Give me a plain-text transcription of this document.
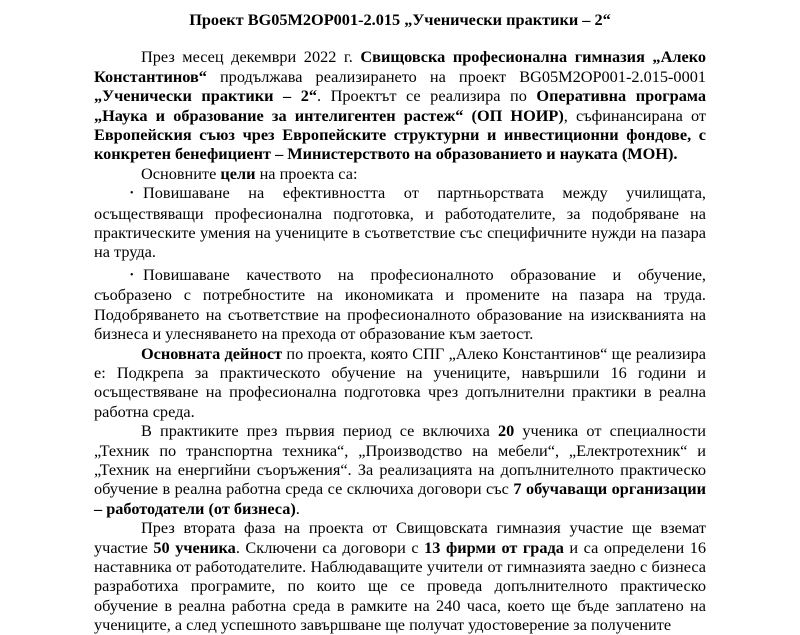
Проект BG05M2OP001-2.015 „Ученически практики – 2“

През месец декември 2022 г. Свищовска професионална гимназия „Алеко Константинов“ продължава реализирането на проект BG05M2OP001-2.015-0001 „Ученически практики – 2“. Проектът се реализира по Оперативна програма „Наука и образование за интелигентен растеж“ (ОП НОИР), съфинансирана от Европейския съюз чрез Европейските структурни и инвестиционни фондове, с конкретен бенефициент – Министерството на образованието и науката (МОН).

Основните цели на проекта са:

• Повишаване на ефективността от партньорствата между училищата, осъществяващи професионална подготовка, и работодателите, за подобряване на практическите умения на учениците в съответствие със специфичните нужди на пазара на труда.

• Повишаване качеството на професионалното образование и обучение, съобразено с потребностите на икономиката и промените на пазара на труда. Подобряването на съответствие на професионалното образование на изискванията на бизнеса и улесняването на прехода от образование към заетост.

Основната дейност по проекта, която СПГ „Алеко Константинов“ ще реализира е: Подкрепа за практическото обучение на учениците, навършили 16 години и осъществяване на професионална подготовка чрез допълнителни практики в реална работна среда.

В практиките през първия период се включиха 20 ученика от специалности „Техник по транспортна техника“, „Производство на мебели“, „Електротехник“ и „Техник на енергийни съоръжения“. За реализацията на допълнителното практическо обучение в реална работна среда се сключиха договори със 7 обучаващи организации – работодатели (от бизнеса).

През втората фаза на проекта от Свищовската гимназия участие ще вземат участие 50 ученика. Сключени са договори с 13 фирми от града и са определени 16 наставника от работодателите. Наблюдаващите учители от гимназията заедно с бизнеса разработиха програмите, по които ще се проведа допълнителното практическо обучение в реална работна среда в рамките на 240 часа, което ще бъде заплатено на учениците, а след успешното завършване ще получат удостоверение за получените
